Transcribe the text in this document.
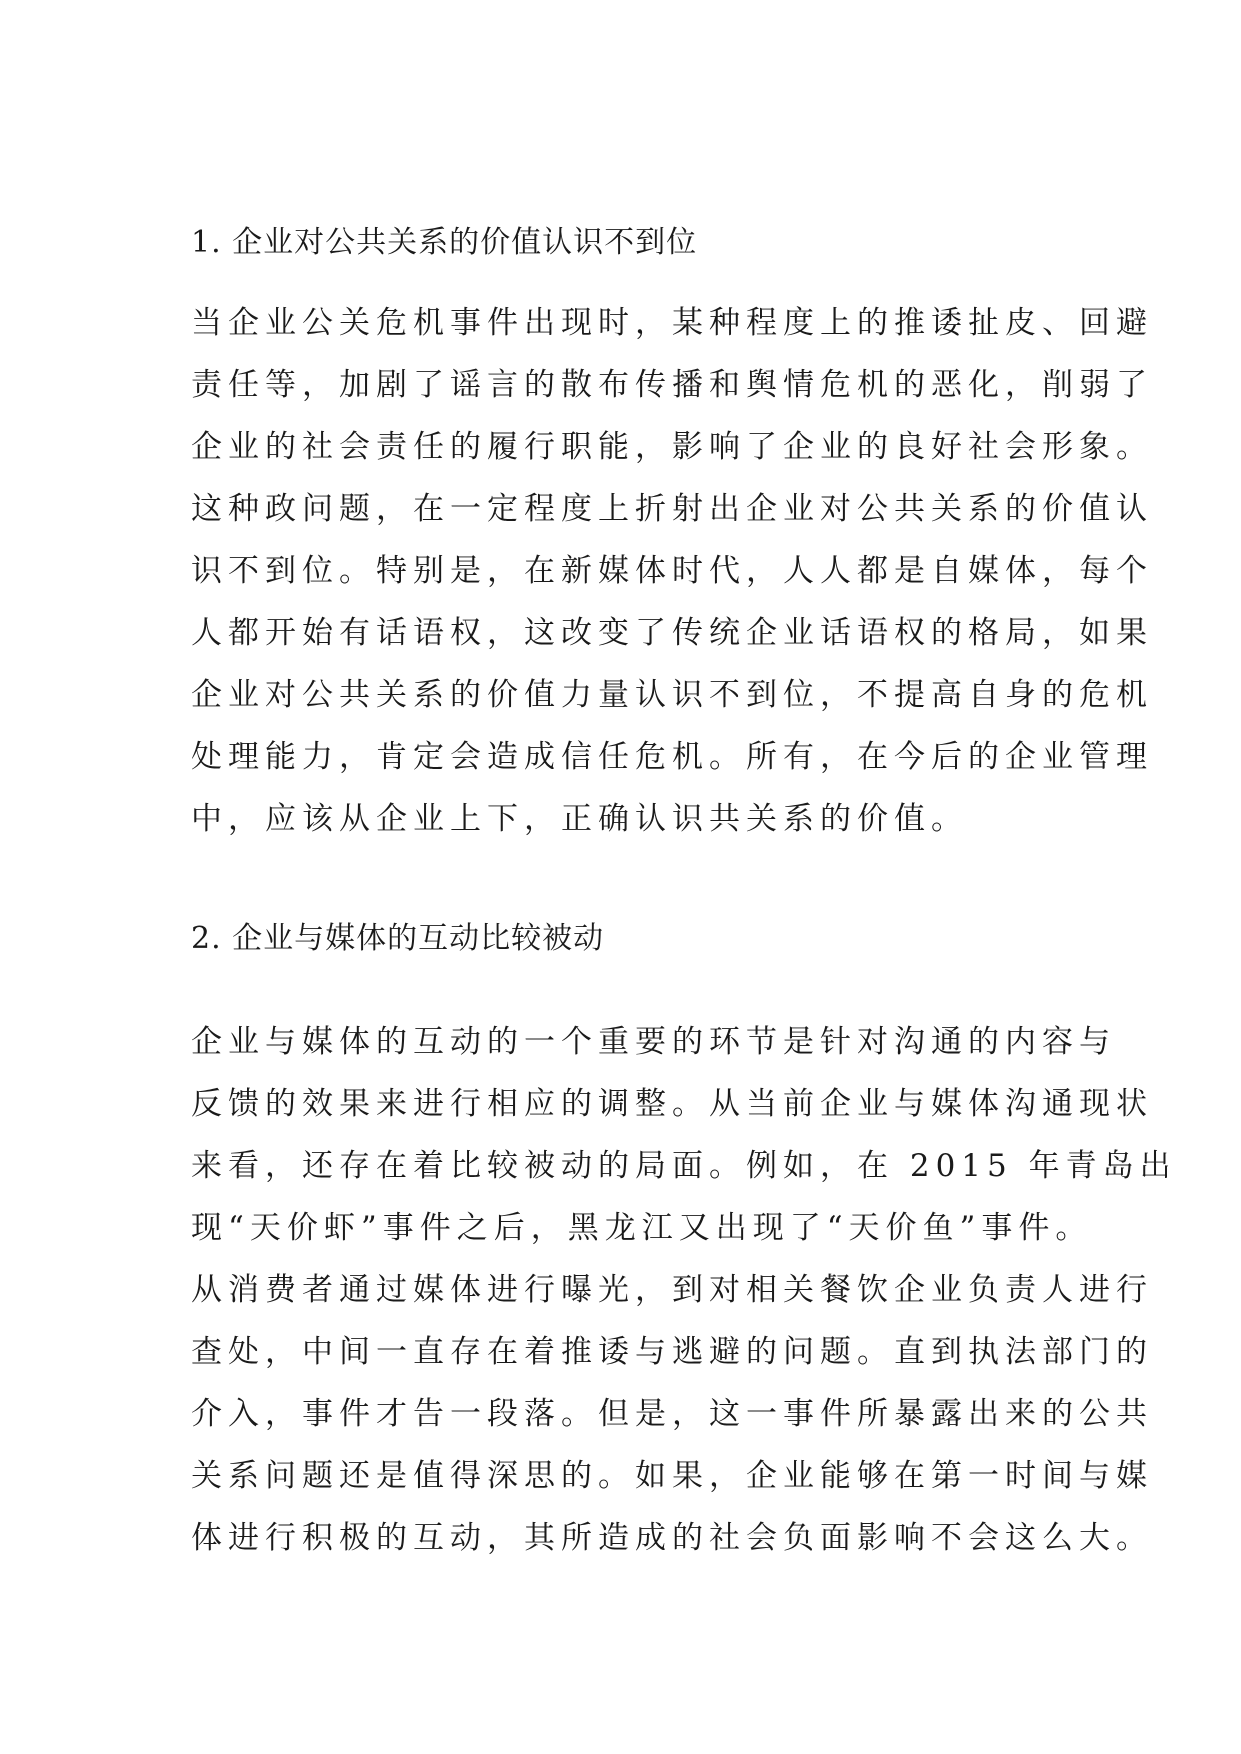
1. 企业对公共关系的价值认识不到位
当企业公关危机事件出现时，某种程度上的推诿扯皮、回避
责任等，加剧了谣言的散布传播和舆情危机的恶化，削弱了
企业的社会责任的履行职能，影响了企业的良好社会形象。
这种政问题，在一定程度上折射出企业对公共关系的价值认
识不到位。特别是，在新媒体时代，人人都是自媒体，每个
人都开始有话语权，这改变了传统企业话语权的格局，如果
企业对公共关系的价值力量认识不到位，不提高自身的危机
处理能力，肯定会造成信任危机。所有，在今后的企业管理
中，应该从企业上下，正确认识共关系的价值。
2. 企业与媒体的互动比较被动
企业与媒体的互动的一个重要的环节是针对沟通的内容与
反馈的效果来进行相应的调整。从当前企业与媒体沟通现状
来看，还存在着比较被动的局面。例如，在 2015 年青岛出
现“天价虾”事件之后，黑龙江又出现了“天价鱼”事件。
从消费者通过媒体进行曝光，到对相关餐饮企业负责人进行
查处，中间一直存在着推诿与逃避的问题。直到执法部门的
介入，事件才告一段落。但是，这一事件所暴露出来的公共
关系问题还是值得深思的。如果，企业能够在第一时间与媒
体进行积极的互动，其所造成的社会负面影响不会这么大。
